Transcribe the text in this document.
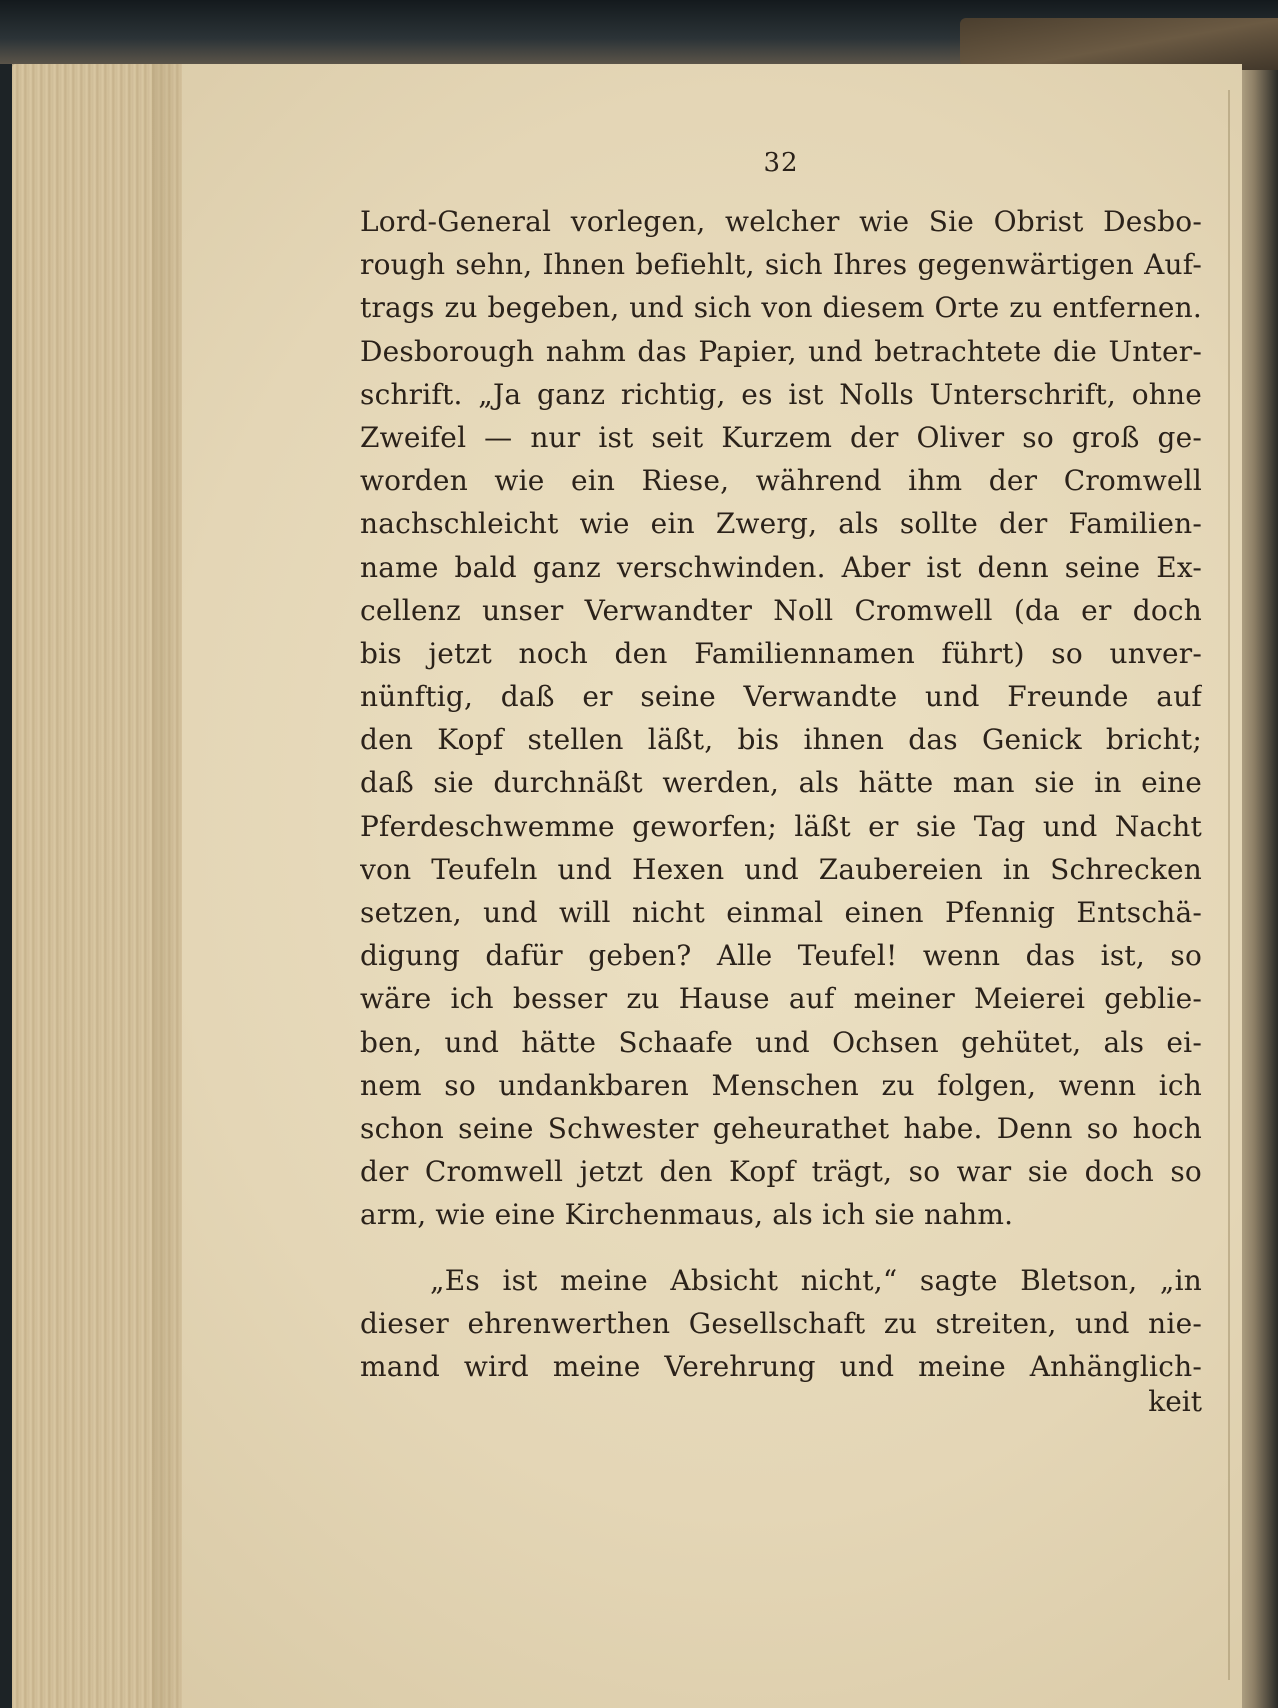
32
Lord-General vorlegen, welcher wie Sie Obrist Desbo-
rough sehn, Ihnen befiehlt, sich Ihres gegenwärtigen Auf-
trags zu begeben, und sich von diesem Orte zu entfernen.
Desborough nahm das Papier, und betrachtete die Unter-
schrift. „Ja ganz richtig, es ist Nolls Unterschrift, ohne
Zweifel — nur ist seit Kurzem der Oliver so groß ge-
worden wie ein Riese, während ihm der Cromwell
nachschleicht wie ein Zwerg, als sollte der Familien-
name bald ganz verschwinden. Aber ist denn seine Ex-
cellenz unser Verwandter Noll Cromwell (da er doch
bis jetzt noch den Familiennamen führt) so unver-
nünftig, daß er seine Verwandte und Freunde auf
den Kopf stellen läßt, bis ihnen das Genick bricht;
daß sie durchnäßt werden, als hätte man sie in eine
Pferdeschwemme geworfen; läßt er sie Tag und Nacht
von Teufeln und Hexen und Zaubereien in Schrecken
setzen, und will nicht einmal einen Pfennig Entschä-
digung dafür geben? Alle Teufel! wenn das ist, so
wäre ich besser zu Hause auf meiner Meierei geblie-
ben, und hätte Schaafe und Ochsen gehütet, als ei-
nem so undankbaren Menschen zu folgen, wenn ich
schon seine Schwester geheurathet habe. Denn so hoch
der Cromwell jetzt den Kopf trägt, so war sie doch so
arm, wie eine Kirchenmaus, als ich sie nahm.
„Es ist meine Absicht nicht,“ sagte Bletson, „in
dieser ehrenwerthen Gesellschaft zu streiten, und nie-
mand wird meine Verehrung und meine Anhänglich-
keit
